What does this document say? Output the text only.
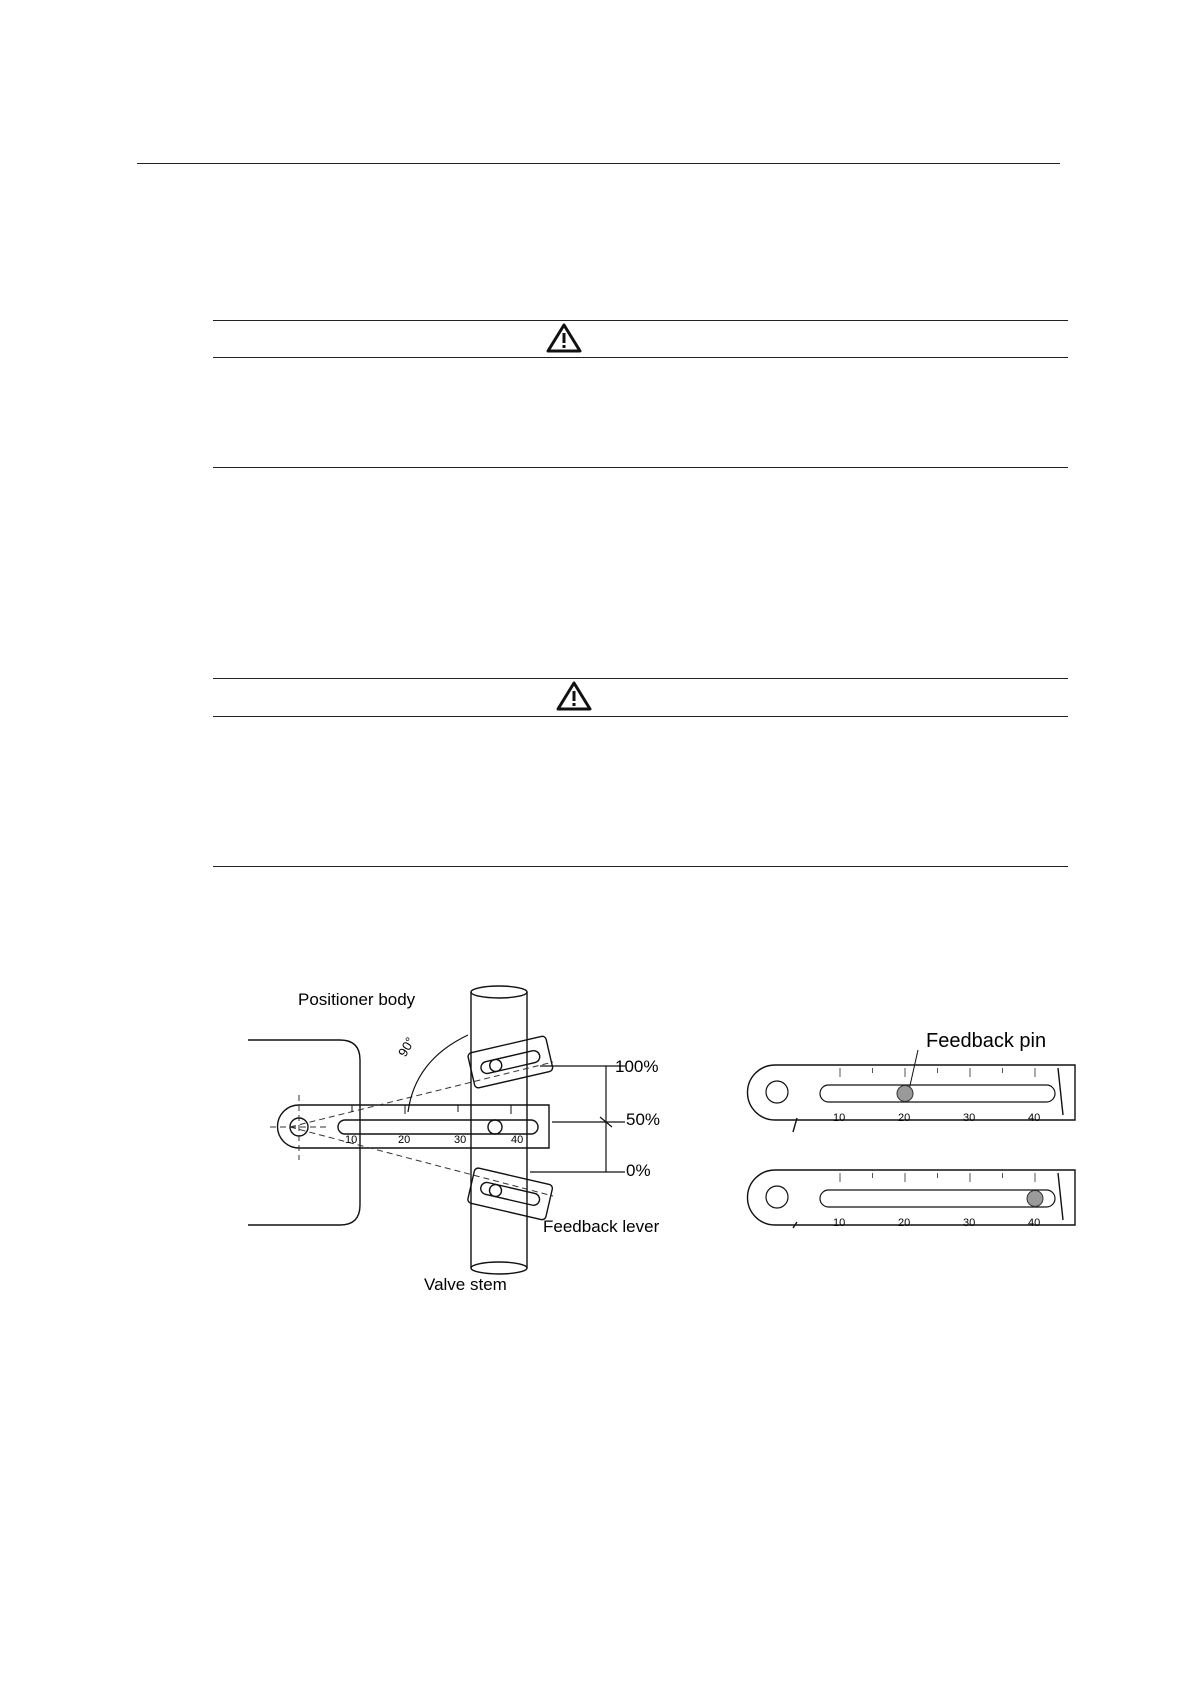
10	20	30	40
Positioner body
90°
100%
50%
0%
Feedback lever
Valve stem
Feedback pin
10	20	30	40
10	20	30	40
